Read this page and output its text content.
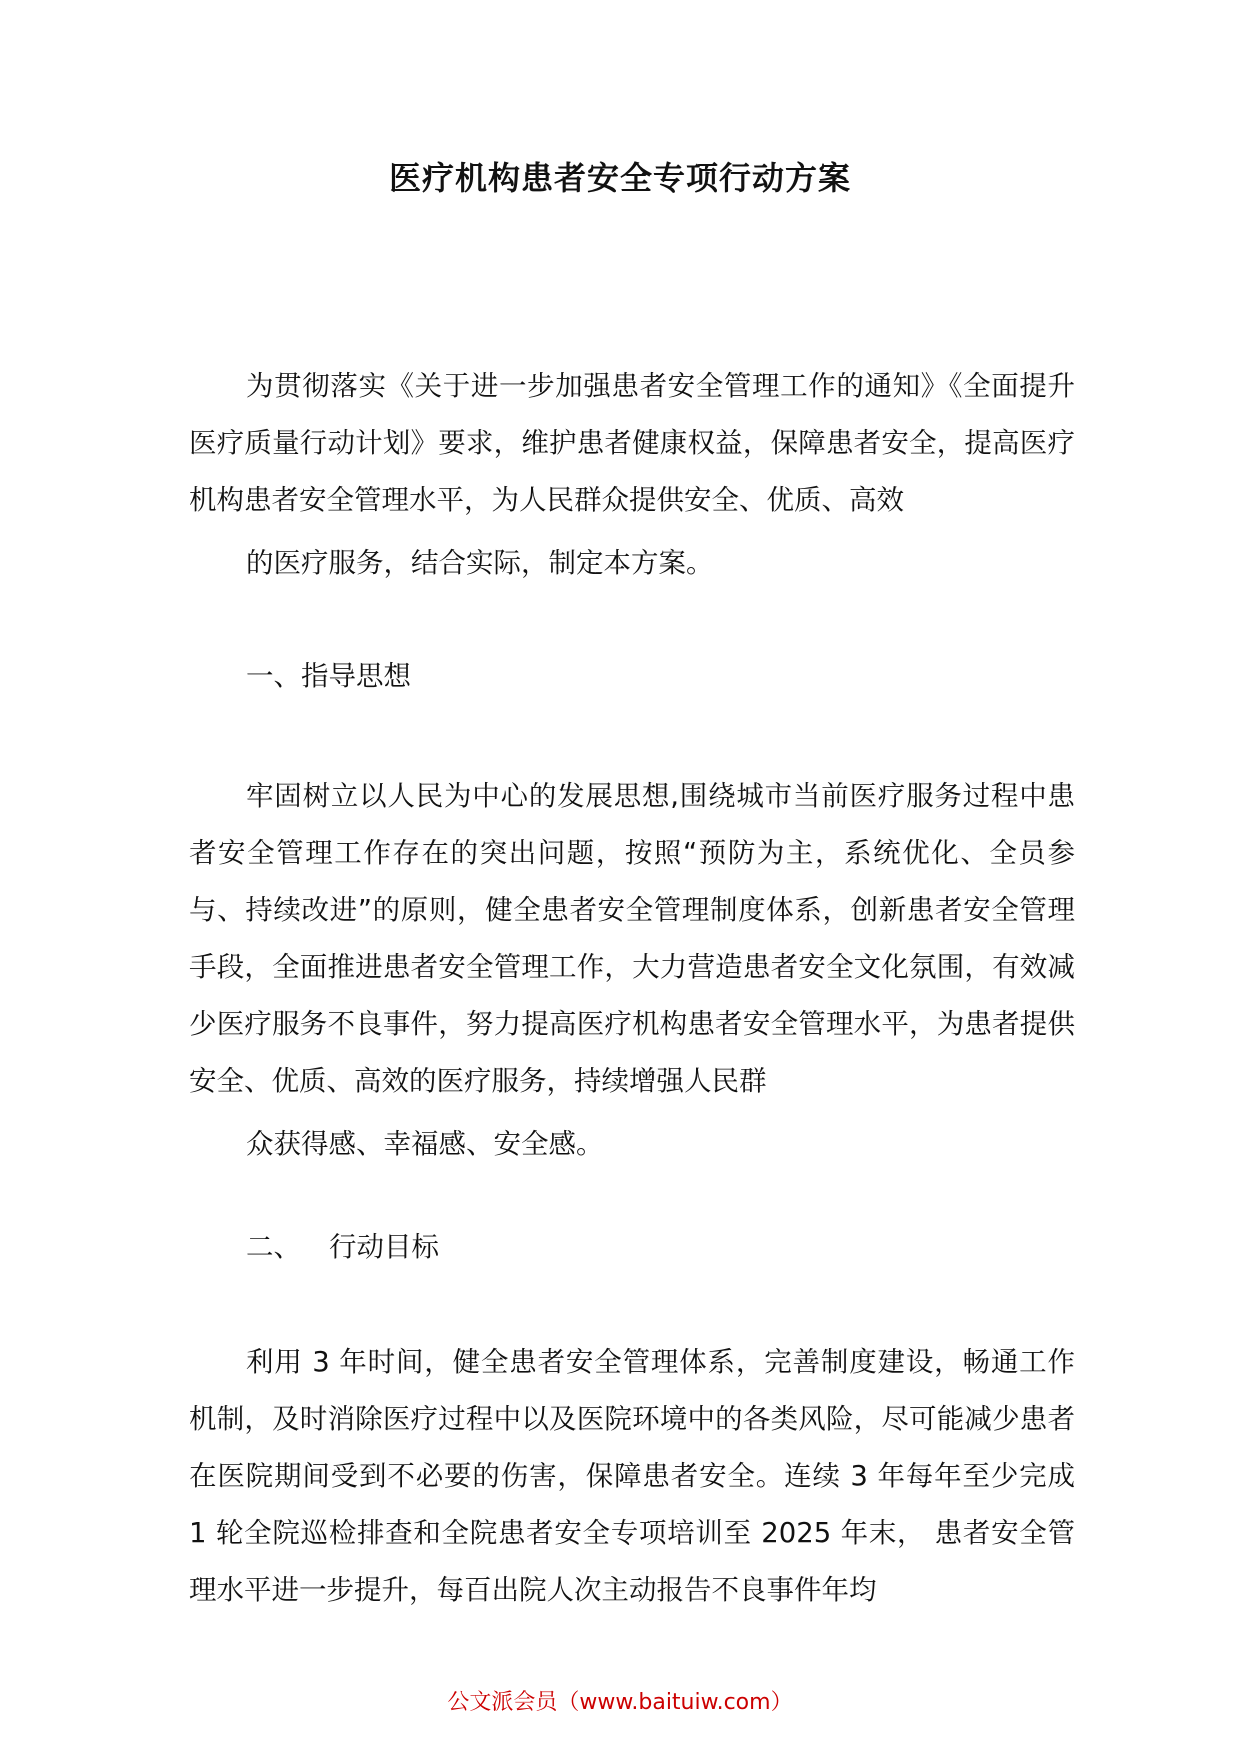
医疗机构患者安全专项行动方案

为贯彻落实《关于进一步加强患者安全管理工作的通知》《全面提升医疗质量行动计划》要求，维护患者健康权益，保障患者安全，提高医疗机构患者安全管理水平，为人民群众提供安全、优质、高效
的医疗服务，结合实际，制定本方案。

一、指导思想

牢固树立以人民为中心的发展思想,围绕城市当前医疗服务过程中患者安全管理工作存在的突出问题，按照“预防为主，系统优化、全员参与、持续改进”的原则，健全患者安全管理制度体系，创新患者安全管理手段，全面推进患者安全管理工作，大力营造患者安全文化氛围，有效减少医疗服务不良事件，努力提高医疗机构患者安全管理水平，为患者提供安全、优质、高效的医疗服务，持续增强人民群
众获得感、幸福感、安全感。

二、 行动目标

利用 3 年时间，健全患者安全管理体系，完善制度建设，畅通工作机制，及时消除医疗过程中以及医院环境中的各类风险，尽可能减少患者在医院期间受到不必要的伤害，保障患者安全。连续 3 年每年至少完成 1 轮全院巡检排查和全院患者安全专项培训至 2025 年末， 患者安全管理水平进一步提升，每百出院人次主动报告不良事件年均

公文派会员（www.baituiw.com）
